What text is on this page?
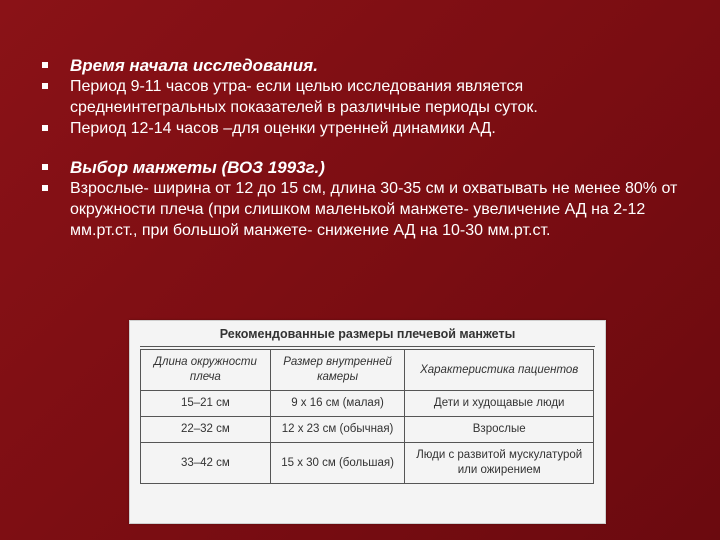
Время начала исследования.
Период 9-11 часов утра- если целью исследования является среднеинтегральных показателей в различные периоды суток.
Период 12-14 часов –для оценки утренней динамики АД.
Выбор манжеты (ВОЗ 1993г.)
Взрослые- ширина от 12 до 15 см, длина 30-35 см и охватывать не менее 80% от окружности плеча (при слишком маленькой манжете- увеличение АД на 2-12 мм.рт.ст., при большой манжете- снижение АД на 10-30 мм.рт.ст.
Рекомендованные размеры плечевой манжеты
Длина окружности плеча	Размер внутренней камеры	Характеристика пациентов
15–21 см	9 х 16 см (малая)	Дети и худощавые люди
22–32 см	12 х 23 см (обычная)	Взрослые
33–42 см	15 х 30 см (большая)	Люди с развитой мускулатурой или ожирением
